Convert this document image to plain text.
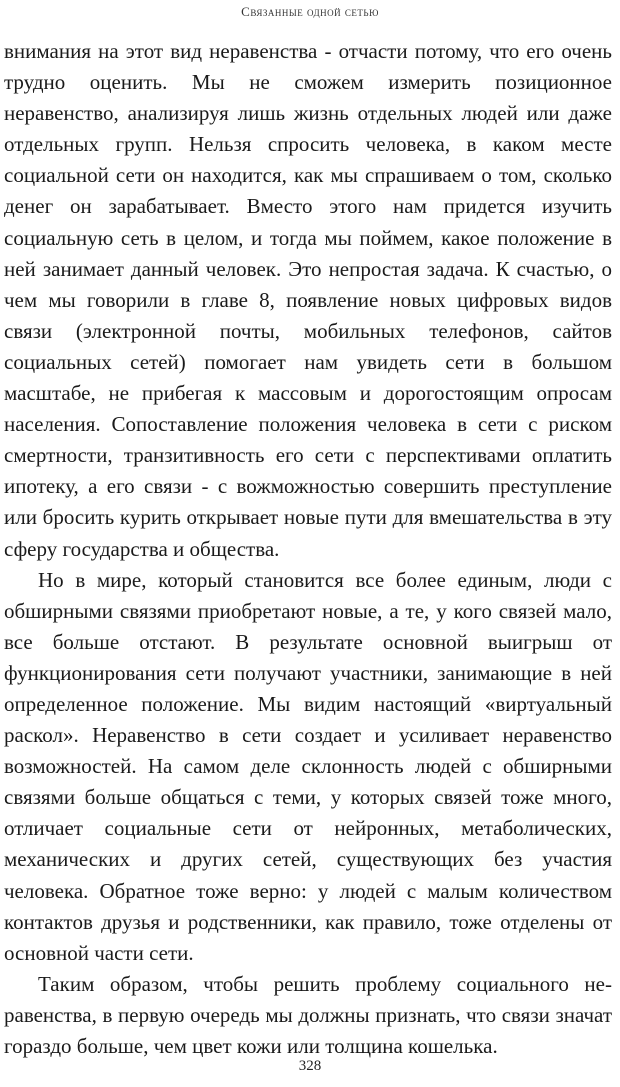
Связанные одной сетью

внимания на этот вид неравенства - отчасти потому, что его очень трудно оценить. Мы не сможем измерить позиционное неравенство, анализируя лишь жизнь отдельных людей или даже отдельных групп. Нельзя спросить человека, в каком месте социальной сети он находится, как мы спрашиваем о том, сколько денег он зарабатывает. Вместо этого нам придется изучить социальную сеть в целом, и тогда мы поймем, какое положение в ней занимает данный человек. Это непростая задача. К счастью, о чем мы говорили в главе 8, появление новых цифровых видов связи (электронной почты, мобильных телефонов, сайтов социальных сетей) помогает нам увидеть сети в большом масштабе, не прибегая к массовым и дорогостоящим опросам населения. Сопоставление положения человека в сети с риском смертности, транзитивность его сети с перспективами оплатить ипотеку, а его связи - с вожможностью совершить преступление или бросить курить открывает новые пути для вмешательства в эту сферу государства и общества.

Но в мире, который становится все более единым, люди с обширными связями приобретают новые, а те, у кого связей мало, все больше отстают. В результате основной выигрыш от функционирования сети получают участники, занимающие в ней определенное положение. Мы видим настоящий «виртуальный раскол». Неравенство в сети создает и усиливает неравенство возможностей. На самом деле склонность людей с обширными связями больше общаться с теми, у которых связей тоже много, отличает социальные сети от нейронных, метаболических, механических и других сетей, существующих без участия человека. Обратное тоже верно: у людей с малым количеством контактов друзья и родственники, как правило, тоже отделены от основной части сети.

Таким образом, чтобы решить проблему социального неравенства, в первую очередь мы должны признать, что связи значат гораздо больше, чем цвет кожи или толщина кошелька.

328
